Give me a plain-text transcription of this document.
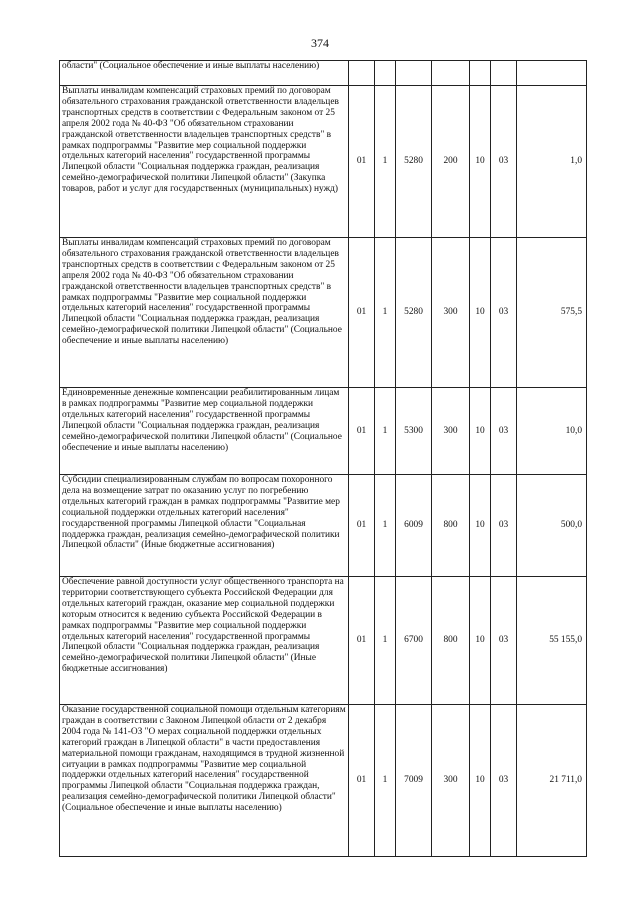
374
области" (Социальное обеспечение и иные выплаты населению)							
Выплаты инвалидам компенсаций страховых премий по договорам обязательного страхования гражданской ответственности владельцев транспортных средств в соответствии с Федеральным законом от 25 апреля 2002 года № 40-ФЗ "Об обязательном страховании гражданской ответственности владельцев транспортных средств" в рамках подпрограммы "Развитие мер социальной поддержки отдельных категорий населения" государственной программы Липецкой области "Социальная поддержка граждан, реализация семейно-демографической политики Липецкой области" (Закупка товаров, работ и услуг для государственных (муниципальных) нужд)	01	1	5280	200	10	03	1,0
Выплаты инвалидам компенсаций страховых премий по договорам обязательного страхования гражданской ответственности владельцев транспортных средств в соответствии с Федеральным законом от 25 апреля 2002 года № 40-ФЗ "Об обязательном страховании гражданской ответственности владельцев транспортных средств" в рамках подпрограммы "Развитие мер социальной поддержки отдельных категорий населения" государственной программы Липецкой области "Социальная поддержка граждан, реализация семейно-демографической политики Липецкой области" (Социальное обеспечение и иные выплаты населению)	01	1	5280	300	10	03	575,5
Единовременные денежные компенсации реабилитированным лицам в рамках подпрограммы "Развитие мер социальной поддержки отдельных категорий населения" государственной программы Липецкой области "Социальная поддержка граждан, реализация семейно-демографической политики Липецкой области" (Социальное обеспечение и иные выплаты населению)	01	1	5300	300	10	03	10,0
Субсидии специализированным службам по вопросам похоронного дела на возмещение затрат по оказанию услуг по погребению отдельных категорий граждан в рамках подпрограммы "Развитие мер социальной поддержки отдельных категорий населения" государственной программы Липецкой области "Социальная поддержка граждан, реализация семейно-демографической политики Липецкой области" (Иные бюджетные ассигнования)	01	1	6009	800	10	03	500,0
Обеспечение равной доступности услуг общественного транспорта на территории соответствующего субъекта Российской Федерации для отдельных категорий граждан, оказание мер социальной поддержки которым относится к ведению субъекта Российской Федерации в рамках подпрограммы "Развитие мер социальной поддержки отдельных категорий населения" государственной программы Липецкой области "Социальная поддержка граждан, реализация семейно-демографической политики Липецкой области" (Иные бюджетные ассигнования)	01	1	6700	800	10	03	55 155,0
Оказание государственной социальной помощи отдельным категориям граждан в соответствии с Законом Липецкой области от 2 декабря 2004 года № 141-ОЗ "О мерах социальной поддержки отдельных категорий граждан в Липецкой области" в части предоставления материальной помощи гражданам, находящимся в трудной жизненной ситуации в рамках подпрограммы "Развитие мер социальной поддержки отдельных категорий населения" государственной программы Липецкой области "Социальная поддержка граждан, реализация семейно-демографической политики Липецкой области" (Социальное обеспечение и иные выплаты населению)	01	1	7009	300	10	03	21 711,0
